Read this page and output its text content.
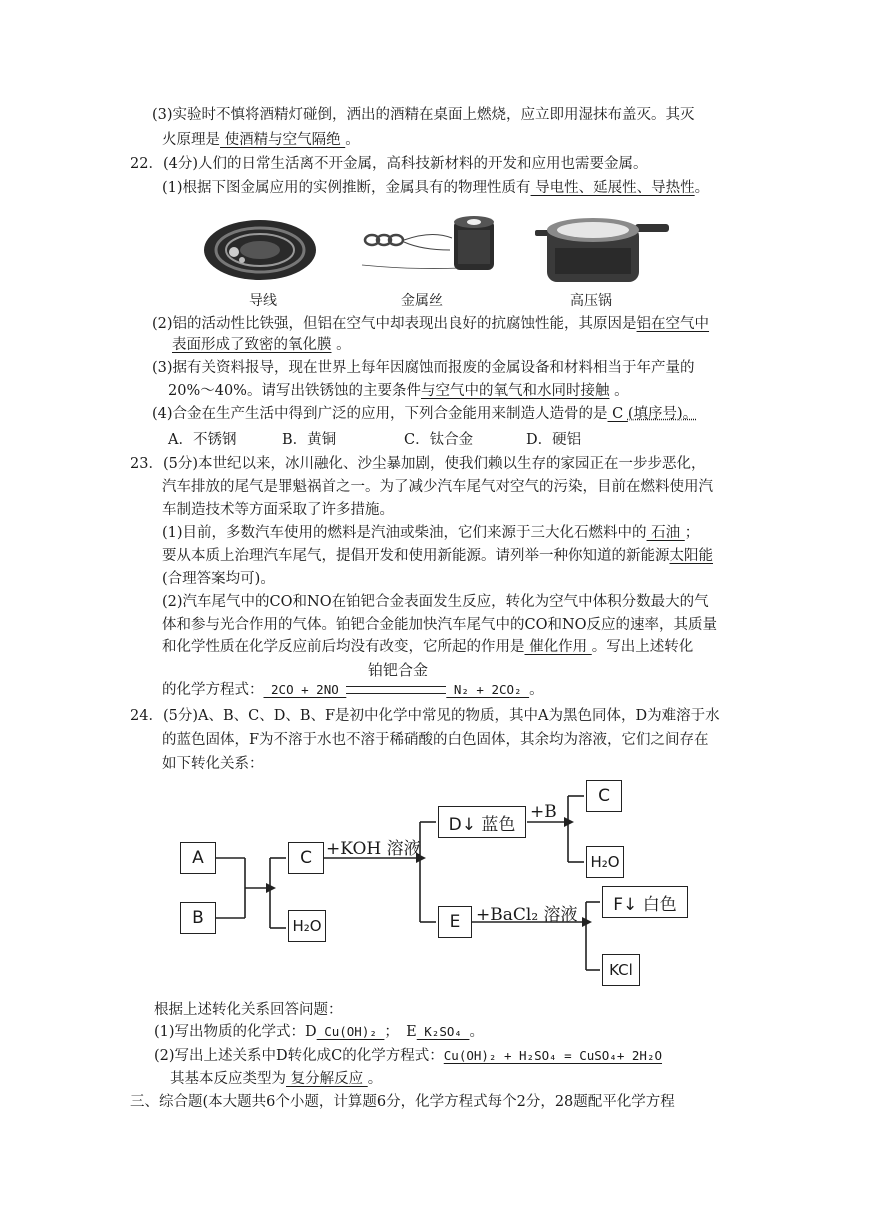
(3)实验时不慎将酒精灯碰倒，洒出的酒精在桌面上燃烧，应立即用湿抹布盖灭。其灭
火原理是 使酒精与空气隔绝 。
22．(4分)人们的日常生活离不开金属，高科技新材料的开发和应用也需要金属。
(1)根据下图金属应用的实例推断，金属具有的物理性质有 导电性、延展性、导热性。
导线	金属丝	高压锅
(2)铝的活动性比铁强，但铝在空气中却表现出良好的抗腐蚀性能，其原因是铝在空气中
表面形成了致密的氧化膜 。
(3)据有关资料报导，现在世界上每年因腐蚀而报废的金属设备和材料相当于年产量的
20%～40%。请写出铁锈蚀的主要条件与空气中的氧气和水同时接触 。
(4)合金在生产生活中得到广泛的应用，下列合金能用来制造人造骨的是 C (填序号)。
A．不锈钢	B．黄铜	C．钛合金	D．硬铝
23．(5分)本世纪以来，冰川融化、沙尘暴加剧，使我们赖以生存的家园正在一步步恶化，
汽车排放的尾气是罪魁祸首之一。为了减少汽车尾气对空气的污染，目前在燃料使用汽
车制造技术等方面采取了许多措施。
(1)目前，多数汽车使用的燃料是汽油或柴油，它们来源于三大化石燃料中的 石油 ；
要从本质上治理汽车尾气，提倡开发和使用新能源。请列举一种你知道的新能源太阳能
(合理答案均可)。
(2)汽车尾气中的CO和NO在铂钯合金表面发生反应，转化为空气中体积分数最大的气
体和参与光合作用的气体。铂钯合金能加快汽车尾气中的CO和NO反应的速率，其质量
和化学性质在化学反应前后均没有改变，它所起的作用是 催化作用 。写出上述转化
铂钯合金
的化学方程式： 2CO + 2NO	N₂ + 2CO₂ 。
24．(5分)A、B、C、D、B、F是初中化学中常见的物质，其中A为黑色同体，D为难溶于水
的蓝色固体，F为不溶于水也不溶于稀硝酸的白色固体，其余均为溶液，它们之间存在
如下转化关系：
A
B
C
H₂O
+KOH 溶液
D↓ 蓝色
+B
C
H₂O
E +BaCl₂ 溶液
F↓ 白色
KCl
根据上述转化关系回答问题：
(1)写出物质的化学式：D Cu(OH)₂ ；　E K₂SO₄ 。
(2)写出上述关系中D转化成C的化学方程式：Cu(OH)₂ + H₂SO₄ = CuSO₄+ 2H₂O
其基本反应类型为 复分解反应 。
三、综合题(本大题共6个小题，计算题6分，化学方程式每个2分，28题配平化学方程
